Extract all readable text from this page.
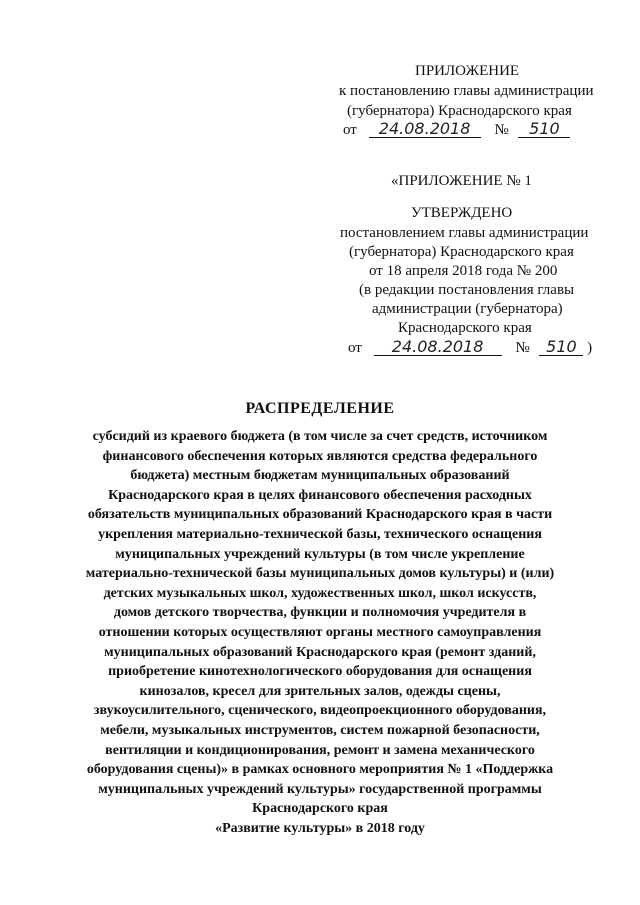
ПРИЛОЖЕНИЕ
к постановлению главы администрации
(губернатора) Краснодарского края
от 24.08.2018 № 510
«ПРИЛОЖЕНИЕ № 1
УТВЕРЖДЕНО
постановлением главы администрации
(губернатора) Краснодарского края
от 18 апреля 2018 года № 200
(в редакции постановления главы
администрации (губернатора)
Краснодарского края
от 24.08.2018 № 510 )
РАСПРЕДЕЛЕНИЕ
субсидий из краевого бюджета (в том числе за счет средств, источником
финансового обеспечения которых являются средства федерального
бюджета) местным бюджетам муниципальных образований
Краснодарского края в целях финансового обеспечения расходных
обязательств муниципальных образований Краснодарского края в части
укрепления материально-технической базы, технического оснащения
муниципальных учреждений культуры (в том числе укрепление
материально-технической базы муниципальных домов культуры) и (или)
детских музыкальных школ, художественных школ, школ искусств,
домов детского творчества, функции и полномочия учредителя в
отношении которых осуществляют органы местного самоуправления
муниципальных образований Краснодарского края (ремонт зданий,
приобретение кинотехнологического оборудования для оснащения
кинозалов, кресел для зрительных залов, одежды сцены,
звукоусилительного, сценического, видеопроекционного оборудования,
мебели, музыкальных инструментов, систем пожарной безопасности,
вентиляции и кондиционирования, ремонт и замена механического
оборудования сцены)» в рамках основного мероприятия № 1 «Поддержка
муниципальных учреждений культуры» государственной программы
Краснодарского края
«Развитие культуры» в 2018 году
